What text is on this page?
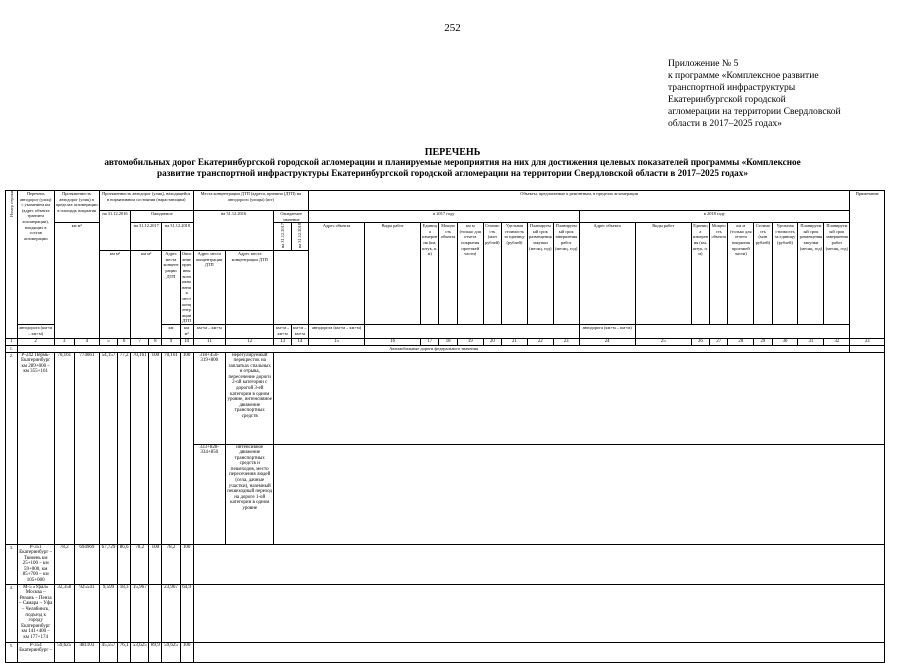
252
Приложение № 5
к программе «Комплексное развитие
транспортной инфраструктуры
Екатеринбургской городской
агломерации на территории Свердловской
области в 2017–2025 годах»
ПЕРЕЧЕНЬ
автомобильных дорог Екатеринбургской городской агломерации и планируемые мероприятия на них для достижения целевых показателей программы «Комплексное
развитие транспортной инфраструктуры Екатеринбургской городской агломерации на территории Свердловской области в 2017–2025 годах»
Номер строки	Перечень автодорог (улиц) с указанием км (адрес объекта транзита агломерации), входящих в состав агломерации	Протяженность автодорог (улиц) в пределах агломерации в площадь покрытия		Протяженность автодорог (улиц), находящейся в нормативном состоянии (нарастающим)						Места концентрации ДТП (адреса, причина (ДТП) на автодороги (улицы) (шт)				Объекты, предлагаемые к ремонтным, в пределах агломерации																		Примечание
				на 31.12.2016		Ожидаемое				на 31.12.2016		Ожидаемое значение		в 2017 году									в 2018 году									
		км м²				на 31.12.2017		на 31.12.2018				на 31.12.2017	на 31.12.2018	Адрес объекта	Виды работ	Единица измерения (км, штук, п. м)	Мощность объекта	км м (только для отчета покрытия проезжей части)	Стоимость (млн рублей)	Удельная стоимость за единицу (рублей)	Планируемый срок размещения закупки (месяц, год)	Планируемый срок завершения работ (месяц, год)	Адрес объекта	Виды работ	Единица измерения (км, штук, п. м)	Мощность объекта	км м (только для отчета покрытия проезжей части)	Стоимость (млн рублей)	Удельная стоимость за единицу (рублей)	Планируемый срок размещения закупки (месяц, год)	Планируемый срок завершения работ (месяц, год)	
				км м²		км м²		Адрес места концентрации ДТП	Описание причины возникновения мест концентрации ДТП	Адрес места концентрации ДТП	Адрес места концентрации ДТП																					
	автодорога (км+м – км+м)							км	км м²	км+м – км+м		км+м – км+м	км+м – км+м	автодорога (км+м – км+м)									автодорога (км+м – км+м)									
1	2	3	4	5	6	7	8	9	10	11	12	13	14	15	16	17	18	19	20	21	22	23	24	25	26	27	28	29	30	31	32	33
1.	Автомобильные дороги федерального значения																															
2.	Р-242 Пермь-Екатеринбург км 289+000 – км 355+161	70,161	774061	54,157	77,2	70,161	100	70,161	100	318+450-319+800	нерегулируемый перекресток на заплатках спальных и отрыва, пересечение дороги 2-ой категории с дорогой 3-ей категории в одном уровне, интенсивное движение транспортных средств																					
										333+828-334+850	интенсивное движение транспортных средств и пешеходов, место пересечения людей (села, дачные участки), наземный пешеходный переход на дороге 1-ой категории в одном уровне																					
3.	Р-351 Екатеринбург – Тюмень км 25+100 – км 59+000, км 85+700 – км 105+000	78,2	694969	67,729	86,6	78,2	100	78,2	100																							
4.	М-5 «Урал» Москва – Рязань – Пенза – Самара – Уфа – Челябинск, подъезд к городу Екатеринбург км 141+400 – км 177+174	32,358	925541	9,599	18,3	15,967		23,967	64,9																							
5.	Р-354 Екатеринбург –	59,625	481103	45,557	76,1	53,625	89,9	59,625	100																							
